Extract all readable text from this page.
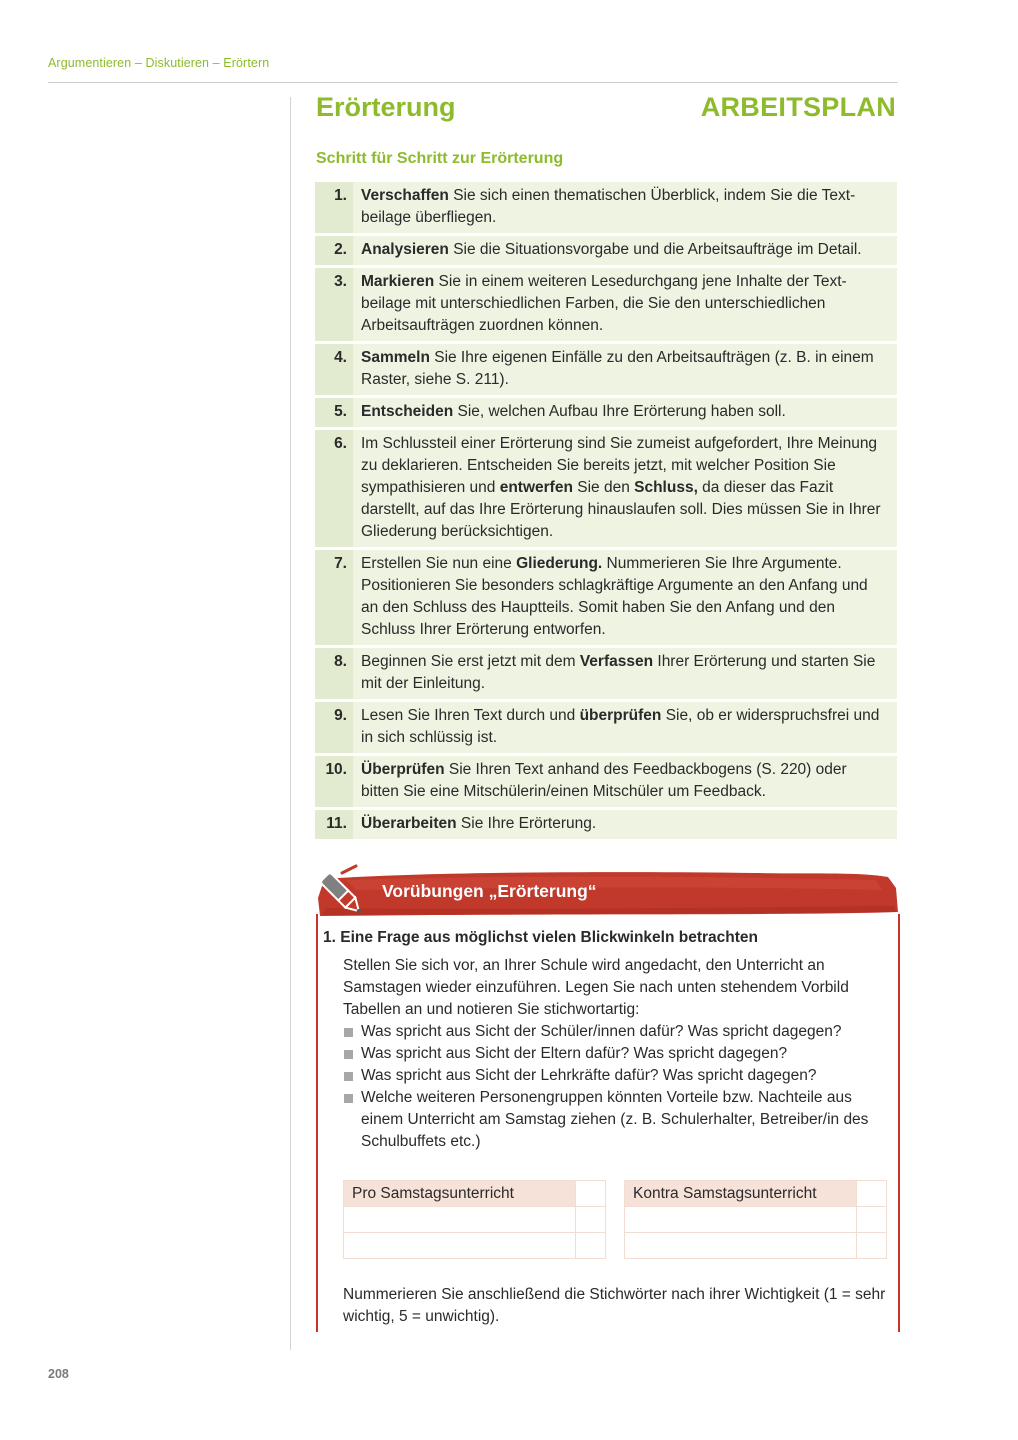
Argumentieren – Diskutieren – Erörtern
Erörterung	ARBEITSPLAN
Schritt für Schritt zur Erörterung
1. Verschaffen Sie sich einen thematischen Überblick, indem Sie die Textbeilage überfliegen.
2. Analysieren Sie die Situationsvorgabe und die Arbeitsaufträge im Detail.
3. Markieren Sie in einem weiteren Lesedurchgang jene Inhalte der Textbeilage mit unterschiedlichen Farben, die Sie den unterschiedlichen Arbeitsaufträgen zuordnen können.
4. Sammeln Sie Ihre eigenen Einfälle zu den Arbeitsaufträgen (z. B. in einem Raster, siehe S. 211).
5. Entscheiden Sie, welchen Aufbau Ihre Erörterung haben soll.
6. Im Schlussteil einer Erörterung sind Sie zumeist aufgefordert, Ihre Meinung zu deklarieren. Entscheiden Sie bereits jetzt, mit welcher Position Sie sympathisieren und entwerfen Sie den Schluss, da dieser das Fazit darstellt, auf das Ihre Erörterung hinauslaufen soll. Dies müssen Sie in Ihrer Gliederung berücksichtigen.
7. Erstellen Sie nun eine Gliederung. Nummerieren Sie Ihre Argumente. Positionieren Sie besonders schlagkräftige Argumente an den Anfang und an den Schluss des Hauptteils. Somit haben Sie den Anfang und den Schluss Ihrer Erörterung entworfen.
8. Beginnen Sie erst jetzt mit dem Verfassen Ihrer Erörterung und starten Sie mit der Einleitung.
9. Lesen Sie Ihren Text durch und überprüfen Sie, ob er widerspruchsfrei und in sich schlüssig ist.
10. Überprüfen Sie Ihren Text anhand des Feedbackbogens (S. 220) oder bitten Sie eine Mitschülerin/einen Mitschüler um Feedback.
11. Überarbeiten Sie Ihre Erörterung.
Vorübungen „Erörterung“
1. Eine Frage aus möglichst vielen Blickwinkeln betrachten

Stellen Sie sich vor, an Ihrer Schule wird angedacht, den Unterricht an Samstagen wieder einzuführen. Legen Sie nach unten stehendem Vorbild Tabellen an und notieren Sie stichwortartig:

Was spricht aus Sicht der Schüler/innen dafür? Was spricht dagegen?
Was spricht aus Sicht der Eltern dafür? Was spricht dagegen?
Was spricht aus Sicht der Lehrkräfte dafür? Was spricht dagegen?
Welche weiteren Personengruppen könnten Vorteile bzw. Nachteile aus einem Unterricht am Samstag ziehen (z. B. Schulerhalter, Betreiber/in des Schulbuffets etc.)
Pro Samstagsunterricht	

		Kontra Samstagsunterricht	

Nummerieren Sie anschließend die Stichwörter nach ihrer Wichtigkeit (1 = sehr wichtig, 5 = unwichtig).
208
